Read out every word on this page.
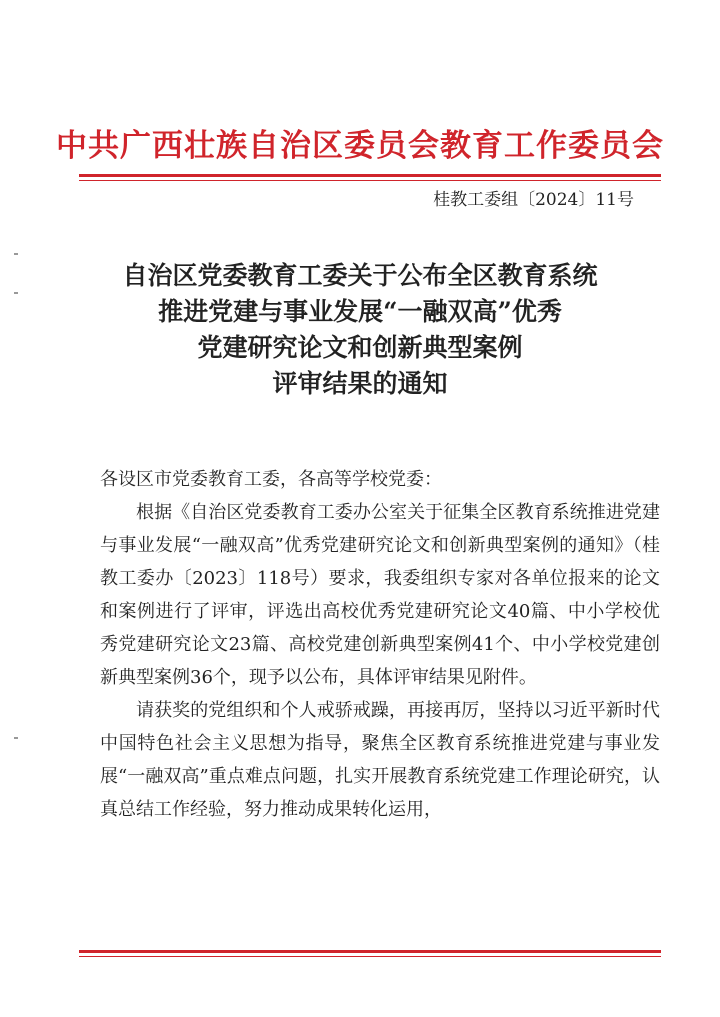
中共广西壮族自治区委员会教育工作委员会
桂教工委组〔2024〕11号
自治区党委教育工委关于公布全区教育系统
推进党建与事业发展“一融双高”优秀
党建研究论文和创新典型案例
评审结果的通知

各设区市党委教育工委，各高等学校党委：

根据《自治区党委教育工委办公室关于征集全区教育系统推进党建与事业发展“一融双高”优秀党建研究论文和创新典型案例的通知》（桂教工委办〔2023〕118号）要求，我委组织专家对各单位报来的论文和案例进行了评审，评选出高校优秀党建研究论文40篇、中小学校优秀党建研究论文23篇、高校党建创新典型案例41个、中小学校党建创新典型案例36个，现予以公布，具体评审结果见附件。

请获奖的党组织和个人戒骄戒躁，再接再厉，坚持以习近平新时代中国特色社会主义思想为指导，聚焦全区教育系统推进党建与事业发展“一融双高”重点难点问题，扎实开展教育系统党建工作理论研究，认真总结工作经验，努力推动成果转化运用，
